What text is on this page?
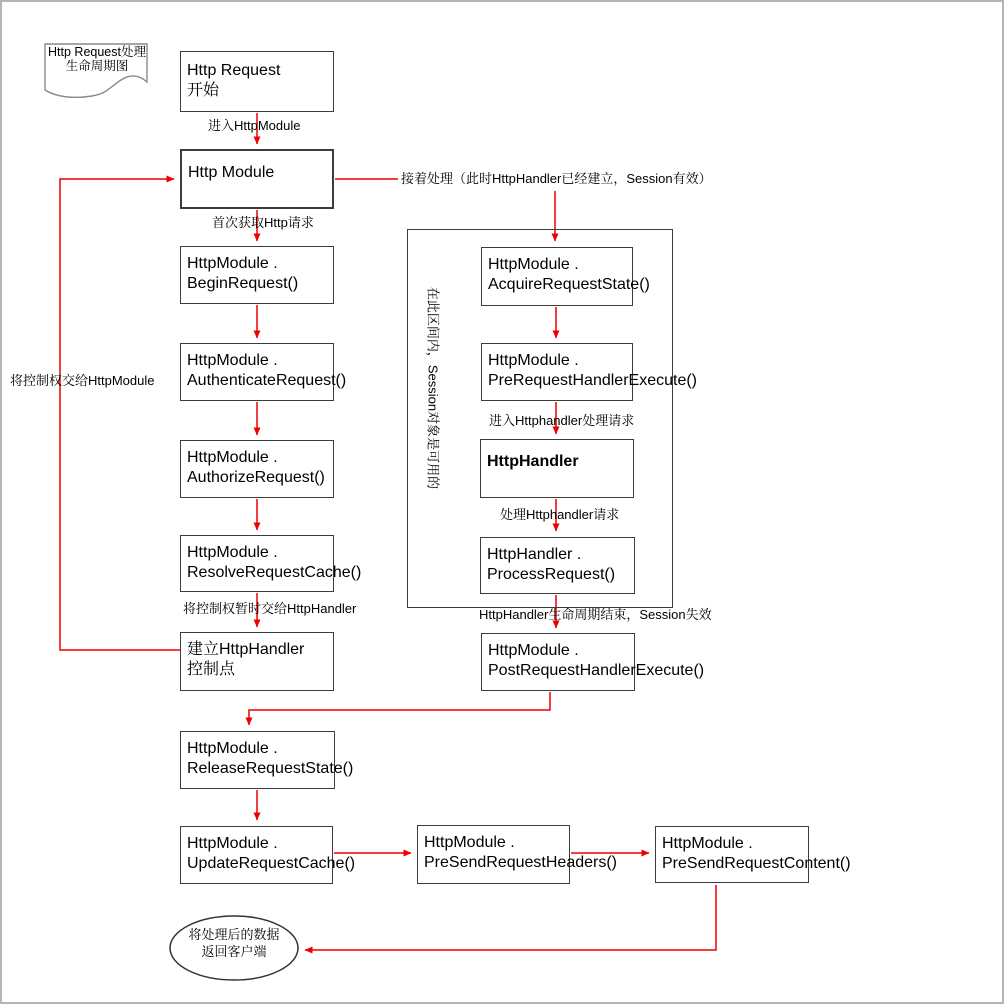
在此区间内，Session对象是可用的
Http Request处理
生命周期图	Http Request
开始
Http Module
HttpModule .
BeginRequest()
HttpModule .
AuthenticateRequest()
HttpModule .
AuthorizeRequest()
HttpModule .
ResolveRequestCache()
建立HttpHandler
控制点
HttpModule .
AcquireRequestState()
HttpModule .
PreRequestHandlerExecute()
HttpHandler
HttpHandler .
ProcessRequest()
HttpModule .
PostRequestHandlerExecute()
HttpModule .
ReleaseRequestState()
HttpModule .
UpdateRequestCache()
HttpModule .
PreSendRequestHeaders()
HttpModule .
PreSendRequestContent()
将处理后的数据
返回客户端
进入HttpModule
首次获取Http请求
接着处理（此时HttpHandler已经建立，Session有效）
将控制权交给HttpModule
将控制权暂时交给HttpHandler
进入Httphandler处理请求
处理Httphandler请求
HttpHandler生命周期结束，Session失效
